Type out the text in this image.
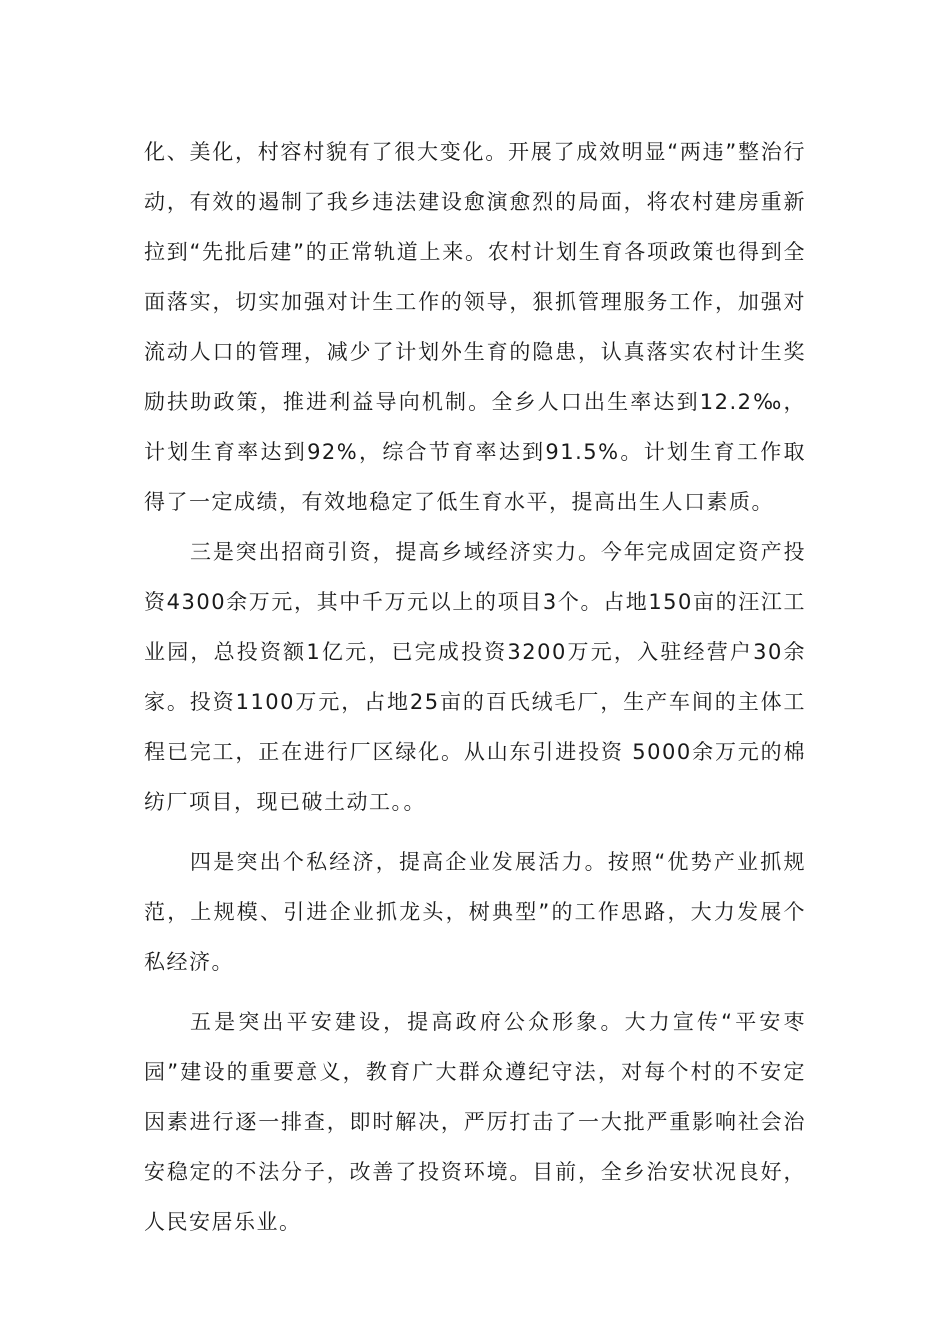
化、美化，村容村貌有了很大变化。开展了成效明显“两违”整治行动，有效的遏制了我乡违法建设愈演愈烈的局面，将农村建房重新拉到“先批后建”的正常轨道上来。农村计划生育各项政策也得到全面落实，切实加强对计生工作的领导，狠抓管理服务工作，加强对流动人口的管理，减少了计划外生育的隐患，认真落实农村计生奖励扶助政策，推进利益导向机制。全乡人口出生率达到12.2‰，计划生育率达到92%，综合节育率达到91.5%。计划生育工作取得了一定成绩，有效地稳定了低生育水平，提高出生人口素质。

三是突出招商引资，提高乡域经济实力。今年完成固定资产投资4300余万元，其中千万元以上的项目3个。占地150亩的汪江工业园，总投资额1亿元，已完成投资3200万元，入驻经营户30余家。投资1100万元，占地25亩的百氏绒毛厂，生产车间的主体工程已完工，正在进行厂区绿化。从山东引进投资 5000余万元的棉纺厂项目，现已破土动工。。

四是突出个私经济，提高企业发展活力。按照“优势产业抓规范，上规模、引进企业抓龙头，树典型”的工作思路，大力发展个私经济。

五是突出平安建设，提高政府公众形象。大力宣传“平安枣园”建设的重要意义，教育广大群众遵纪守法，对每个村的不安定因素进行逐一排查，即时解决，严厉打击了一大批严重影响社会治安稳定的不法分子，改善了投资环境。目前，全乡治安状况良好，人民安居乐业。
